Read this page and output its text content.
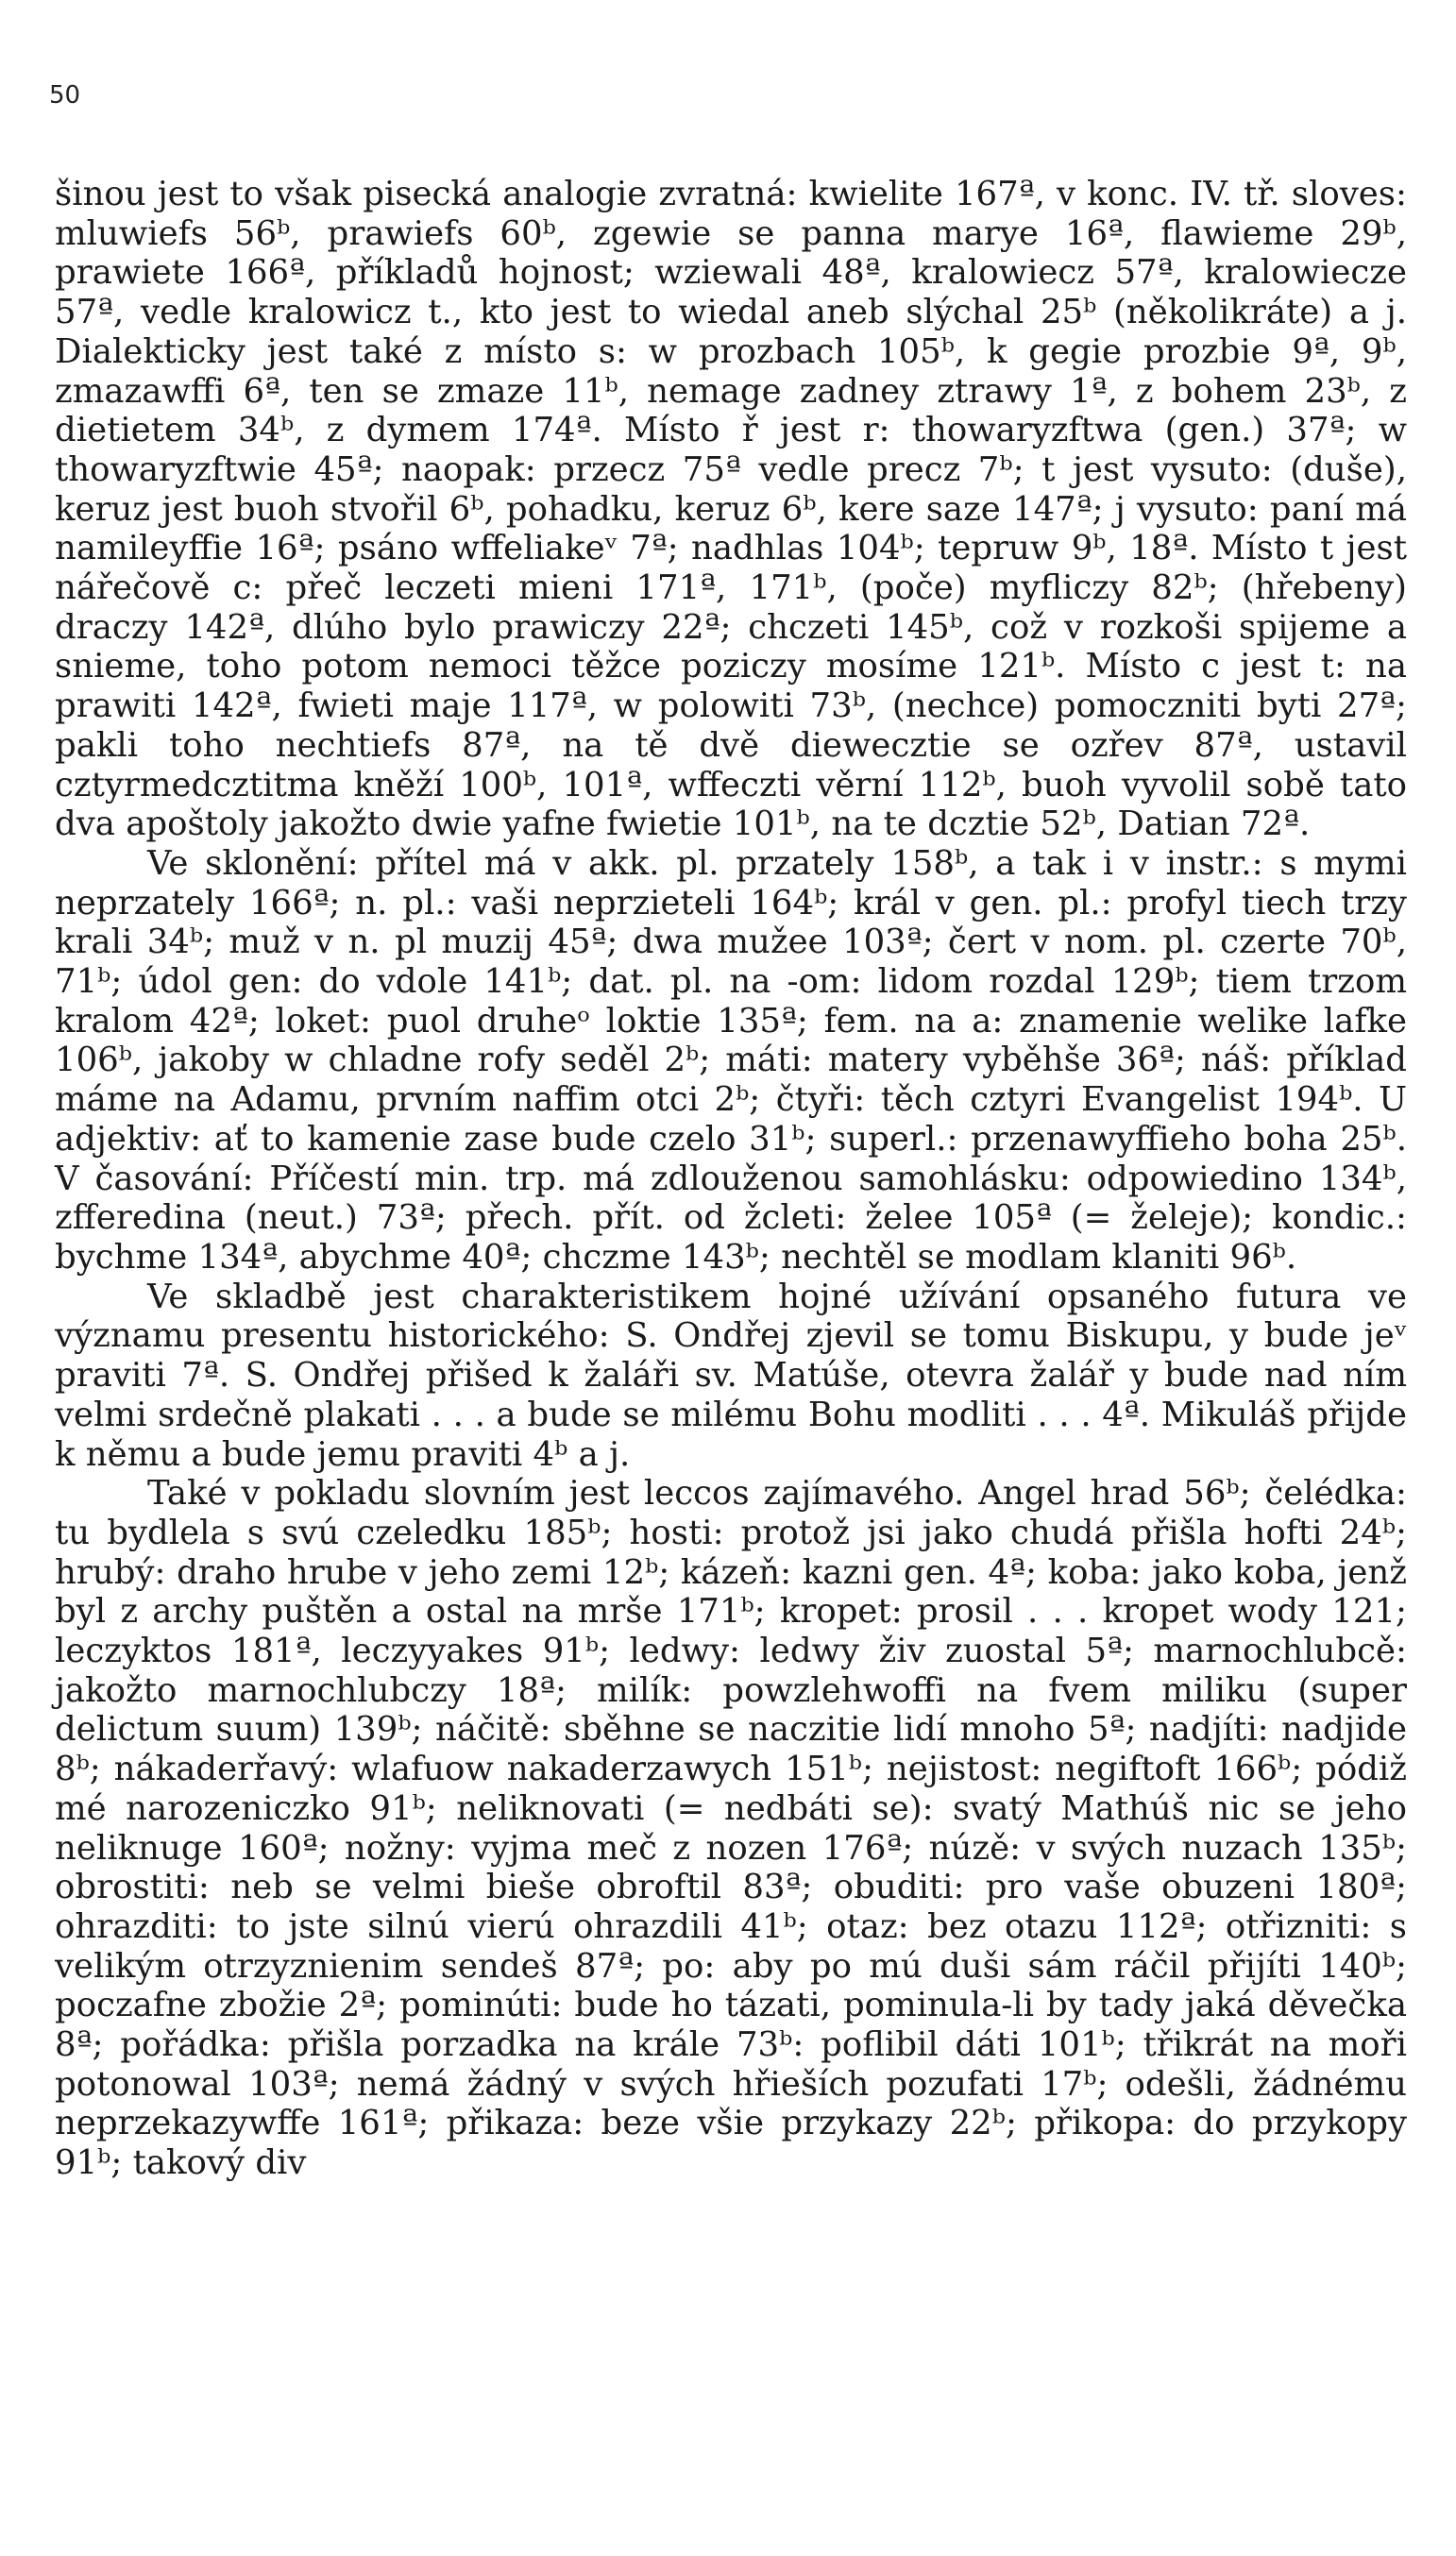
50

šinou jest to však pisecká analogie zvratná: kwielite 167ª, v konc. IV. tř. sloves: mluwiefs 56ᵇ, prawiefs 60ᵇ, zgewie se panna marye 16ª, flawieme 29ᵇ, prawiete 166ª, příkladů hojnost; wziewali 48ª, kralowiecz 57ª, kralowiecze 57ª, vedle kralowicz t., kto jest to wiedal aneb slýchal 25ᵇ (několikráte) a j. Dialekticky jest také z místo s: w prozbach 105ᵇ, k gegie prozbie 9ª, 9ᵇ, zmazawffi 6ª, ten se zmaze 11ᵇ, nemage zadney ztrawy 1ª, z bohem 23ᵇ, z dietietem 34ᵇ, z dymem 174ª. Místo ř jest r: thowaryzftwa (gen.) 37ª; w thowaryzftwie 45ª; naopak: przecz 75ª vedle precz 7ᵇ; t jest vysuto: (duše), keruz jest buoh stvořil 6ᵇ, pohadku, keruz 6ᵇ, kere saze 147ª; j vysuto: paní má namileyffie 16ª; psáno wffeliakeᵛ 7ª; nadhlas 104ᵇ; tepruw 9ᵇ, 18ª. Místo t jest nářečově c: přeč leczeti mieni 171ª, 171ᵇ, (poče) myfliczy 82ᵇ; (hřebeny) draczy 142ª, dlúho bylo prawiczy 22ª; chczeti 145ᵇ, což v rozkoši spijeme a snieme, toho potom nemoci těžce poziczy mosíme 121ᵇ. Místo c jest t: na prawiti 142ª, fwieti maje 117ª, w polowiti 73ᵇ, (nechce) pomoczniti byti 27ª; pakli toho nechtiefs 87ª, na tě dvě diewecztie se ozřev 87ª, ustavil cztyrmedcztitma kněží 100ᵇ, 101ª, wffeczti věrní 112ᵇ, buoh vyvolil sobě tato dva apoštoly jakožto dwie yafne fwietie 101ᵇ, na te dcztie 52ᵇ, Datian 72ª.

Ve sklonění: přítel má v akk. pl. przately 158ᵇ, a tak i v instr.: s mymi neprzately 166ª; n. pl.: vaši neprzieteli 164ᵇ; král v gen. pl.: profyl tiech trzy krali 34ᵇ; muž v n. pl muzij 45ª; dwa mužee 103ª; čert v nom. pl. czerte 70ᵇ, 71ᵇ; údol gen: do vdole 141ᵇ; dat. pl. na -om: lidom rozdal 129ᵇ; tiem trzom kralom 42ª; loket: puol druheᵒ loktie 135ª; fem. na a: znamenie welike lafke 106ᵇ, jakoby w chladne rofy seděl 2ᵇ; máti: matery vyběhše 36ª; náš: příklad máme na Adamu, prvním naffim otci 2ᵇ; čtyři: těch cztyri Evangelist 194ᵇ. U adjektiv: ať to kamenie zase bude czelo 31ᵇ; superl.: przenawyffieho boha 25ᵇ. V časování: Příčestí min. trp. má zdlouženou samohlásku: odpowiedino 134ᵇ, zfferedina (neut.) 73ª; přech. přít. od žcleti: želee 105ª (= želeje); kondic.: bychme 134ª, abychme 40ª; chczme 143ᵇ; nechtěl se modlam klaniti 96ᵇ.

Ve skladbě jest charakteristikem hojné užívání opsaného futura ve významu presentu historického: S. Ondřej zjevil se tomu Biskupu, y bude jeᵛ praviti 7ª. S. Ondřej přišed k žaláři sv. Matúše, otevra žalář y bude nad ním velmi srdečně plakati . . . a bude se milému Bohu modliti . . . 4ª. Mikuláš přijde k němu a bude jemu praviti 4ᵇ a j.

Také v pokladu slovním jest leccos zajímavého. Angel hrad 56ᵇ; čelédka: tu bydlela s svú czeledku 185ᵇ; hosti: protož jsi jako chudá přišla hofti 24ᵇ; hrubý: draho hrube v jeho zemi 12ᵇ; kázeň: kazni gen. 4ª; koba: jako koba, jenž byl z archy puštěn a ostal na mrše 171ᵇ; kropet: prosil . . . kropet wody 121; leczyktos 181ª, leczyyakes 91ᵇ; ledwy: ledwy živ zuostal 5ª; marnochlubcě: jakožto marnochlubczy 18ª; milík: powzlehwoffi na fvem miliku (super delictum suum) 139ᵇ; náčitě: sběhne se naczitie lidí mnoho 5ª; nadjíti: nadjide 8ᵇ; nákaderřavý: wlafuow nakaderzawych 151ᵇ; nejistost: negiftoft 166ᵇ; pódiž mé narozeniczko 91ᵇ; neliknovati (= nedbáti se): svatý Mathúš nic se jeho neliknuge 160ª; nožny: vyjma meč z nozen 176ª; núzě: v svých nuzach 135ᵇ; obrostiti: neb se velmi bieše obroftil 83ª; obuditi: pro vaše obuzeni 180ª; ohrazditi: to jste silnú vierú ohrazdili 41ᵇ; otaz: bez otazu 112ª; otřizniti: s velikým otrzyznienim sendeš 87ª; po: aby po mú duši sám ráčil přijíti 140ᵇ; poczafne zbožie 2ª; pominúti: bude ho tázati, pominula-li by tady jaká děvečka 8ª; pořádka: přišla porzadka na krále 73ᵇ: poflibil dáti 101ᵇ; třikrát na moři potonowal 103ª; nemá žádný v svých hřieších pozufati 17ᵇ; odešli, žádnému neprzekazywffe 161ª; přikaza: beze všie przykazy 22ᵇ; přikopa: do przykopy 91ᵇ; takový div
